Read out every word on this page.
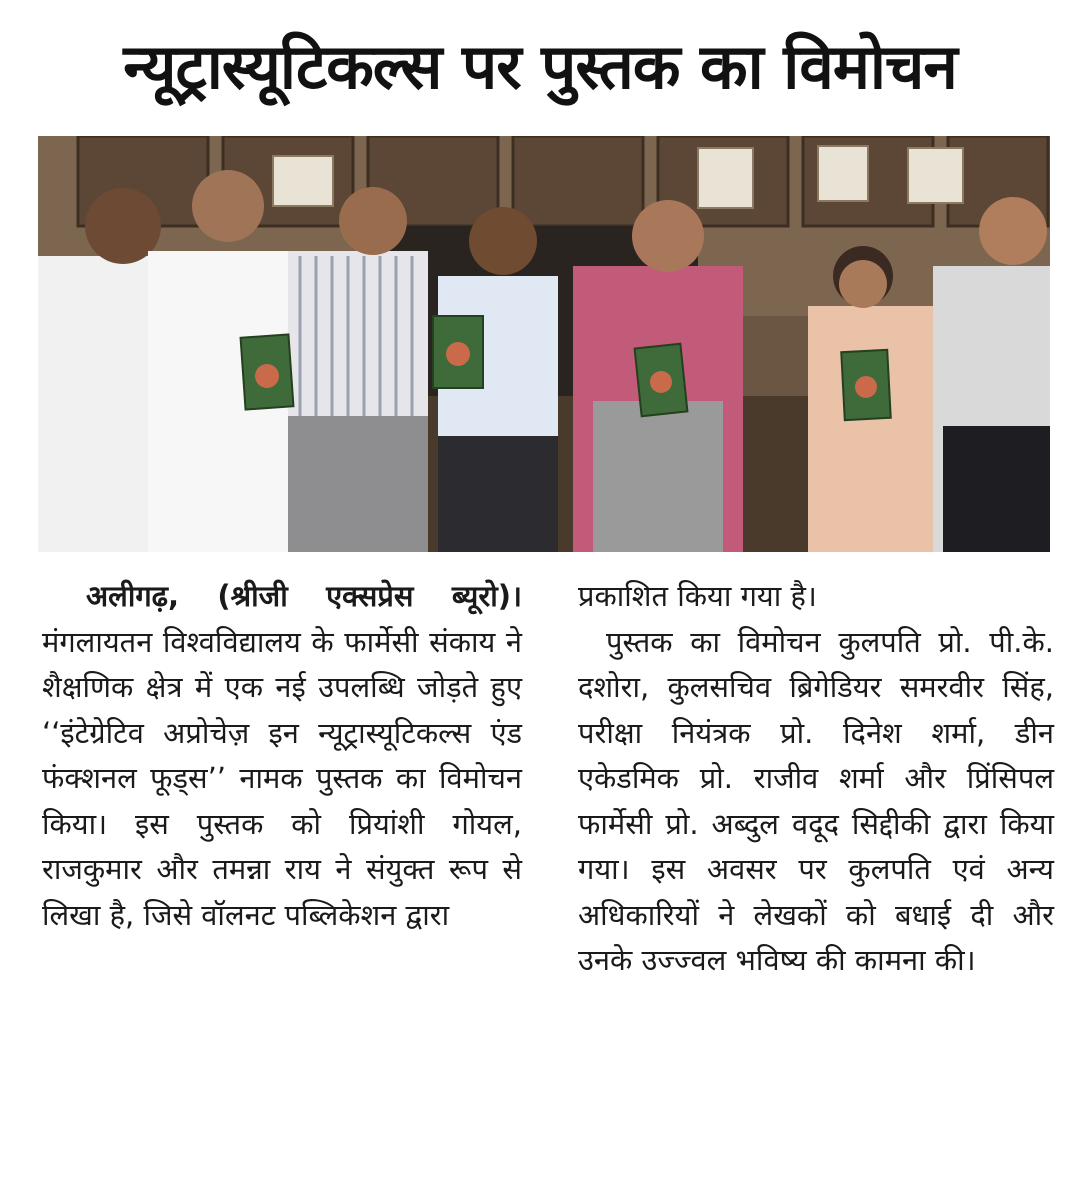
न्यूट्रास्यूटिकल्स पर पुस्तक का विमोचन

अलीगढ़, (श्रीजी एक्सप्रेस ब्यूरो)। मंगलायतन विश्वविद्यालय के फार्मेसी संकाय ने शैक्षणिक क्षेत्र में एक नई उपलब्धि जोड़ते हुए ‘‘इंटेग्रेटिव अप्रोचेज़ इन न्यूट्रास्यूटिकल्स एंड फंक्शनल फूड्स’’ नामक पुस्तक का विमोचन किया। इस पुस्तक को प्रियांशी गोयल, राजकुमार और तमन्ना राय ने संयुक्त रूप से लिखा है, जिसे वॉलनट पब्लिकेशन द्वारा

प्रकाशित किया गया है।

पुस्तक का विमोचन कुलपति प्रो. पी.के. दशोरा, कुलसचिव ब्रिगेडियर समरवीर सिंह, परीक्षा नियंत्रक प्रो. दिनेश शर्मा, डीन एकेडमिक प्रो. राजीव शर्मा और प्रिंसिपल फार्मेसी प्रो. अब्दुल वदूद सिद्दीकी द्वारा किया गया। इस अवसर पर कुलपति एवं अन्य अधिकारियों ने लेखकों को बधाई दी और उनके उज्ज्वल भविष्य की कामना की।
